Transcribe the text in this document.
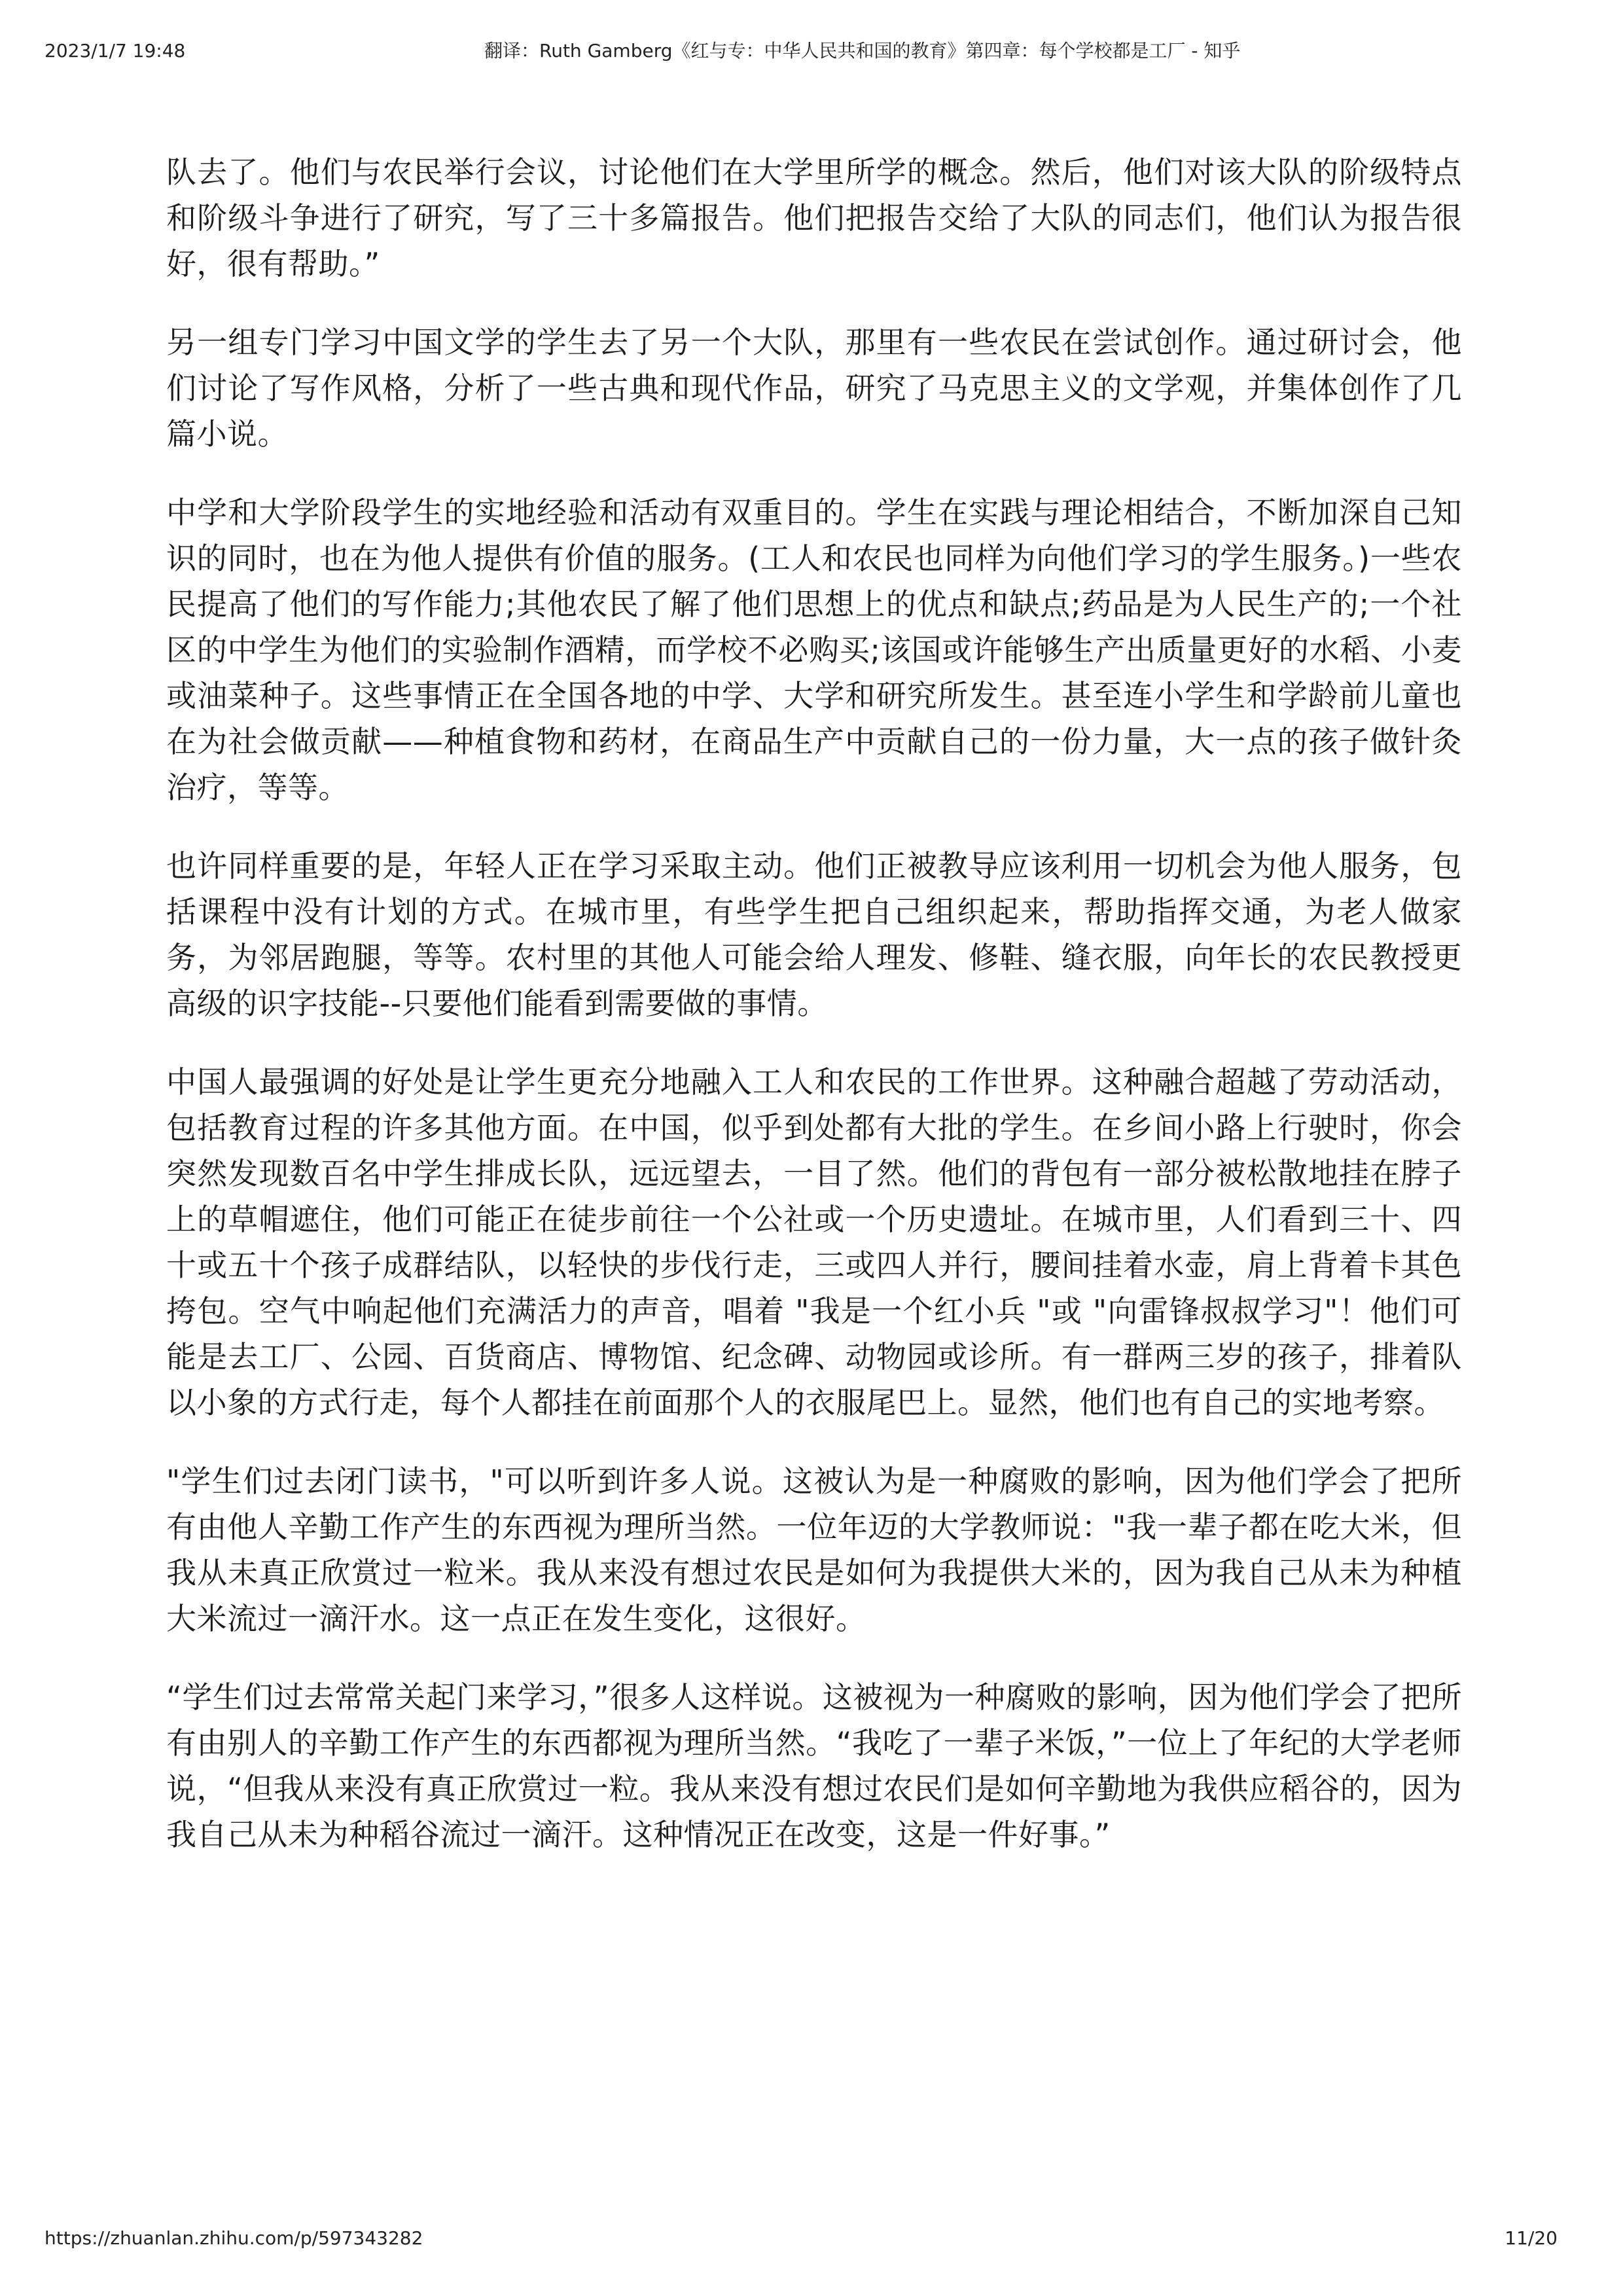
2023/1/7 19:48	翻译：Ruth Gamberg《红与专：中华人民共和国的教育》第四章：每个学校都是工厂 - 知乎

队去了。他们与农民举行会议，讨论他们在大学里所学的概念。然后，他们对该大队的阶级特点和阶级斗争进行了研究，写了三十多篇报告。他们把报告交给了大队的同志们，他们认为报告很好，很有帮助。”

另一组专门学习中国文学的学生去了另一个大队，那里有一些农民在尝试创作。通过研讨会，他们讨论了写作风格，分析了一些古典和现代作品，研究了马克思主义的文学观，并集体创作了几篇小说。

中学和大学阶段学生的实地经验和活动有双重目的。学生在实践与理论相结合，不断加深自己知识的同时，也在为他人提供有价值的服务。(工人和农民也同样为向他们学习的学生服务。)一些农民提高了他们的写作能力;其他农民了解了他们思想上的优点和缺点;药品是为人民生产的;一个社区的中学生为他们的实验制作酒精，而学校不必购买;该国或许能够生产出质量更好的水稻、小麦或油菜种子。这些事情正在全国各地的中学、大学和研究所发生。甚至连小学生和学龄前儿童也在为社会做贡献——种植食物和药材，在商品生产中贡献自己的一份力量，大一点的孩子做针灸治疗，等等。

也许同样重要的是，年轻人正在学习采取主动。他们正被教导应该利用一切机会为他人服务，包括课程中没有计划的方式。在城市里，有些学生把自己组织起来，帮助指挥交通，为老人做家务，为邻居跑腿，等等。农村里的其他人可能会给人理发、修鞋、缝衣服，向年长的农民教授更高级的识字技能--只要他们能看到需要做的事情。

中国人最强调的好处是让学生更充分地融入工人和农民的工作世界。这种融合超越了劳动活动，包括教育过程的许多其他方面。在中国，似乎到处都有大批的学生。在乡间小路上行驶时，你会突然发现数百名中学生排成长队，远远望去，一目了然。他们的背包有一部分被松散地挂在脖子上的草帽遮住，他们可能正在徒步前往一个公社或一个历史遗址。在城市里，人们看到三十、四十或五十个孩子成群结队，以轻快的步伐行走，三或四人并行，腰间挂着水壶，肩上背着卡其色挎包。空气中响起他们充满活力的声音，唱着 "我是一个红小兵 "或 "向雷锋叔叔学习"！他们可能是去工厂、公园、百货商店、博物馆、纪念碑、动物园或诊所。有一群两三岁的孩子，排着队以小象的方式行走，每个人都挂在前面那个人的衣服尾巴上。显然，他们也有自己的实地考察。

"学生们过去闭门读书，"可以听到许多人说。这被认为是一种腐败的影响，因为他们学会了把所有由他人辛勤工作产生的东西视为理所当然。一位年迈的大学教师说："我一辈子都在吃大米，但我从未真正欣赏过一粒米。我从来没有想过农民是如何为我提供大米的，因为我自己从未为种植大米流过一滴汗水。这一点正在发生变化，这很好。

“学生们过去常常关起门来学习，”很多人这样说。这被视为一种腐败的影响，因为他们学会了把所有由别人的辛勤工作产生的东西都视为理所当然。“我吃了一辈子米饭，”一位上了年纪的大学老师说，“但我从来没有真正欣赏过一粒。我从来没有想过农民们是如何辛勤地为我供应稻谷的，因为我自己从未为种稻谷流过一滴汗。这种情况正在改变，这是一件好事。”

https://zhuanlan.zhihu.com/p/597343282	11/20
